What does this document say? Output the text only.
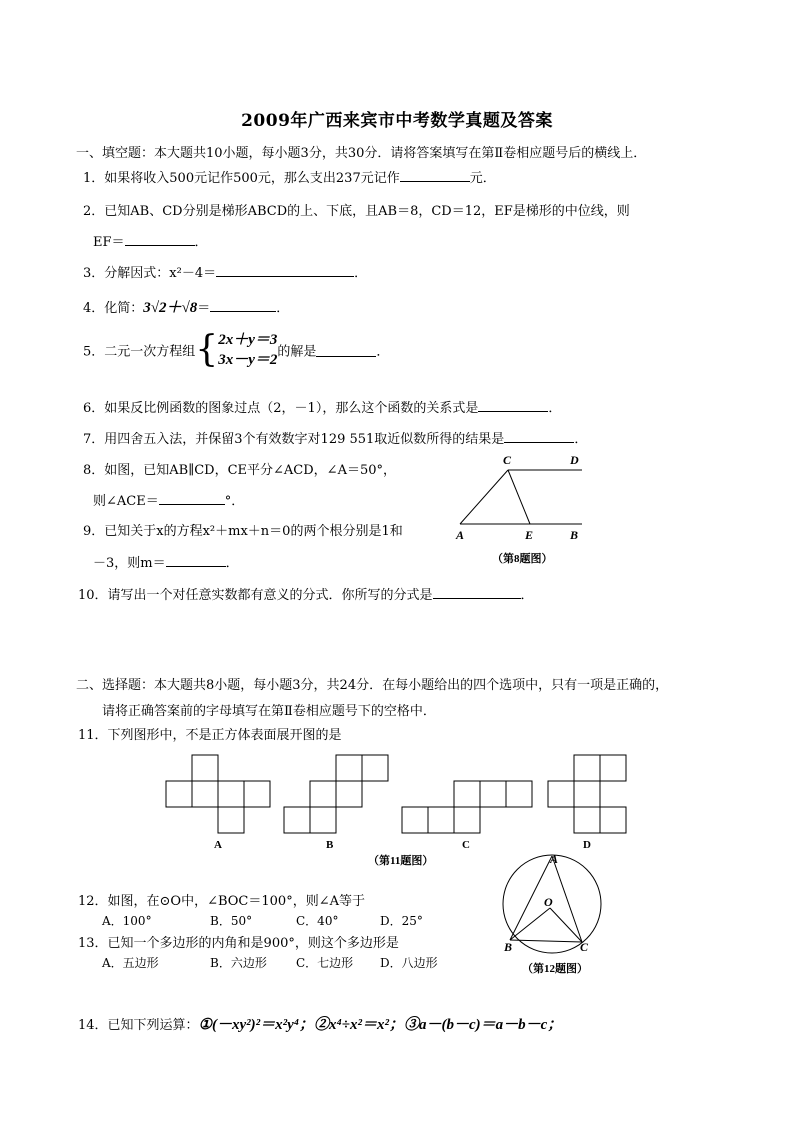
2009年广西来宾市中考数学真题及答案
一、填空题：本大题共10小题，每小题3分，共30分．请将答案填写在第Ⅱ卷相应题号后的横线上．
1．如果将收入500元记作500元，那么支出237元记作	元．
2．已知AB、CD分别是梯形ABCD的上、下底，且AB＝8，CD＝12，EF是梯形的中位线，则
EF＝	．
3．分解因式：x²－4＝	．
4．化简：3√2＋√8＝	．
5．二元一次方程组{ 2x＋y＝3
3x－y＝2 的解是	．
6．如果反比例函数的图象过点（2，－1），那么这个函数的关系式是	．
7．用四舍五入法，并保留3个有效数字对129 551取近似数所得的结果是	．
8．如图，已知AB∥CD，CE平分∠ACD，∠A＝50°，
则∠ACE＝	°．
9．已知关于x的方程x²＋mx＋n＝0的两个根分别是1和
－3，则m＝	．
10．请写出一个对任意实数都有意义的分式．你所写的分式是	．
C	D
A	E	B
（第8题图）
二、选择题：本大题共8小题，每小题3分，共24分．在每小题给出的四个选项中，只有一项是正确的，
请将正确答案前的字母填写在第Ⅱ卷相应题号下的空格中．
11．下列图形中，不是正方体表面展开图的是
A	B	C	D
（第11题图）
12．如图，在⊙O中，∠BOC＝100°，则∠A等于
A．100°	B．50°	C．40°	D．25°
13．已知一个多边形的内角和是900°，则这个多边形是
A．五边形	B．六边形 C．七边形 D．八边形
14．已知下列运算：①(－xy²)²＝x²y⁴；②x⁴÷x²＝x²；③a－(b－c)＝a－b－c；
A
O
B	C
（第12题图）
